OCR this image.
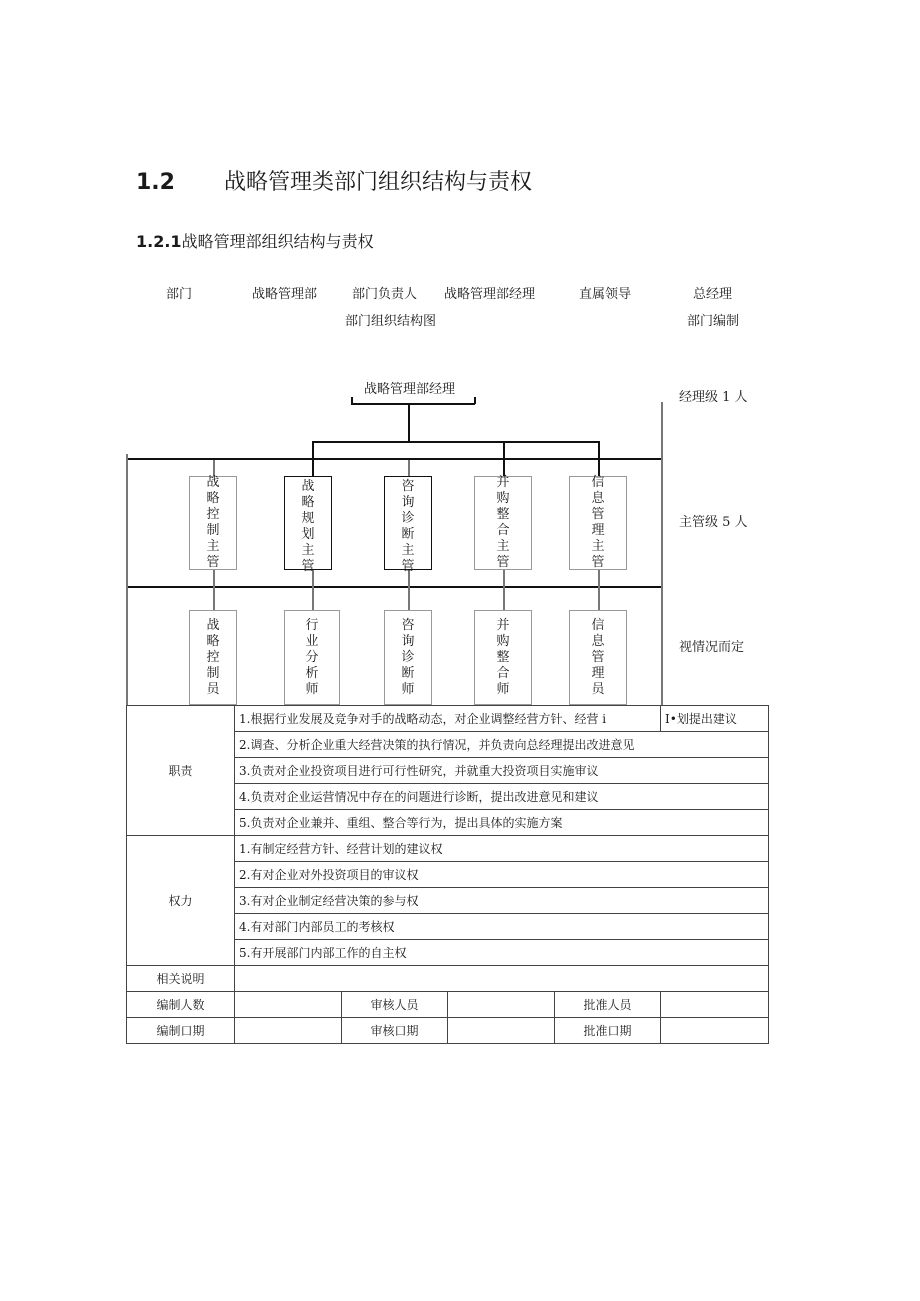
1.2 战略管理类部门组织结构与责权
1.2.1战略管理部组织结构与责权
部门	战略管理部	部门负责人 战略管理部经理	直属领导	总经理
部门组织结构图	部门编制
战略管理部经理
战略控制主管
战略规划主管
咨询诊断主管
并购整合主管
信息管理主管
战略控制员
行业分析师
咨询诊断师
并购整合师
信息管理员
经理级 1 人
主管级 5 人
视情况而定
职责	1.根据行业发展及竞争对手的战略动态，对企业调整经营方针、经营 i				I•划提出建议
	2.调查、分析企业重大经营决策的执行情况，并负责向总经理提出改进意见				
	3.负责对企业投资项目进行可行性研究，并就重大投资项目实施审议				
	4.负责对企业运营情况中存在的问题进行诊断，提出改进意见和建议				
	5.负责对企业兼并、重组、整合等行为，提出具体的实施方案				
权力	1.有制定经营方针、经营计划的建议权				
	2.有对企业对外投资项目的审议权				
	3.有对企业制定经营决策的参与权				
	4.有对部门内部员工的考核权				
	5.有开展部门内部工作的自主权				
相关说明					
编制人数		审核人员		批准人员	
编制口期		审核口期		批准口期	
